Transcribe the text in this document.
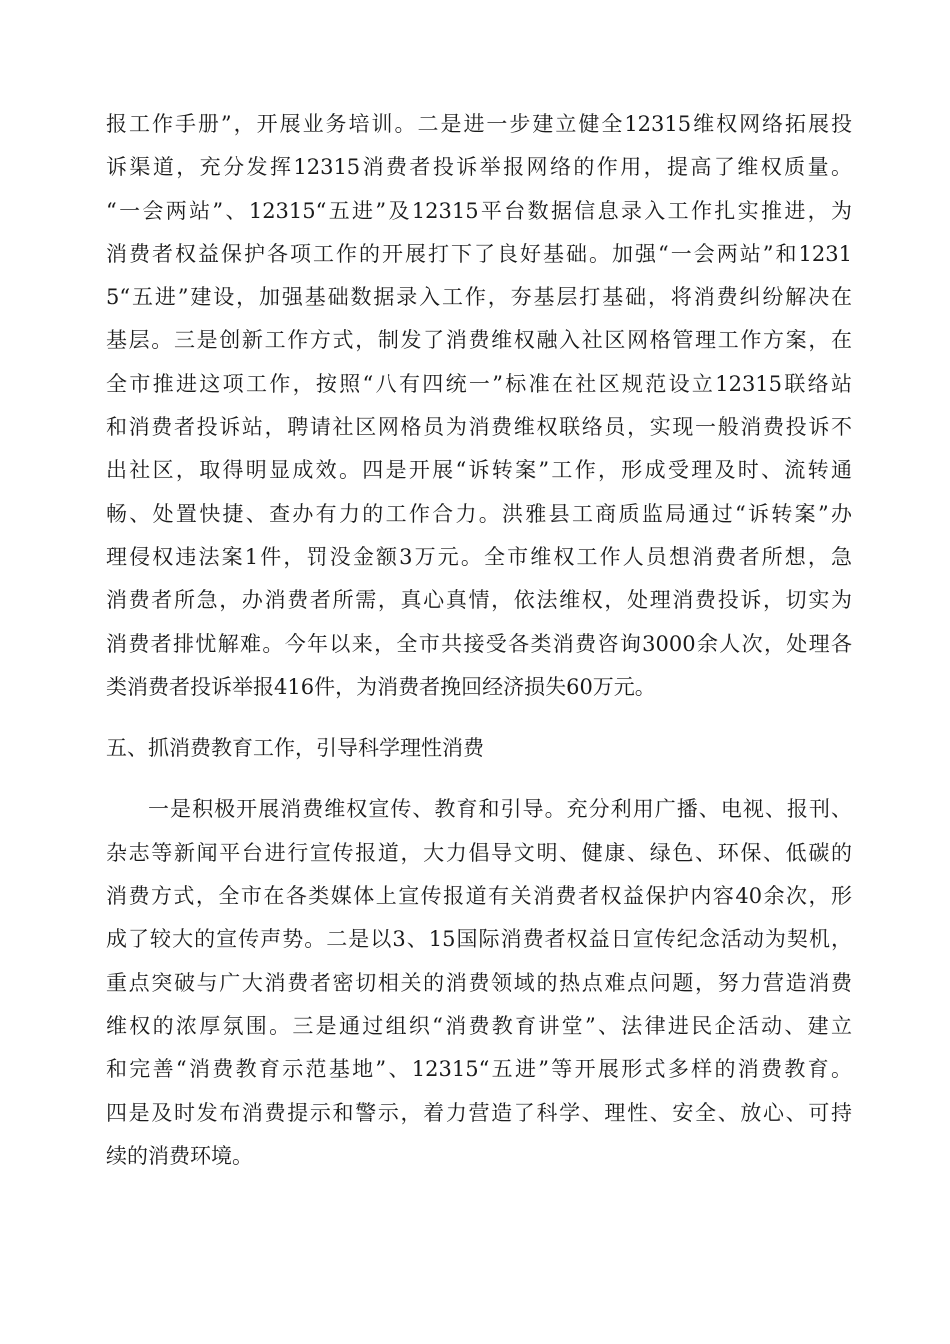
报工作手册”，开展业务培训。二是进一步建立健全12315维权网络拓展投
诉渠道，充分发挥12315消费者投诉举报网络的作用，提高了维权质量。
“一会两站”、12315“五进”及12315平台数据信息录入工作扎实推进，为
消费者权益保护各项工作的开展打下了良好基础。加强“一会两站”和1231
5“五进”建设，加强基础数据录入工作，夯基层打基础，将消费纠纷解决在
基层。三是创新工作方式，制发了消费维权融入社区网格管理工作方案，在
全市推进这项工作，按照“八有四统一”标准在社区规范设立12315联络站
和消费者投诉站，聘请社区网格员为消费维权联络员，实现一般消费投诉不
出社区，取得明显成效。四是开展“诉转案”工作，形成受理及时、流转通
畅、处置快捷、查办有力的工作合力。洪雅县工商质监局通过“诉转案”办
理侵权违法案1件，罚没金额3万元。全市维权工作人员想消费者所想，急
消费者所急，办消费者所需，真心真情，依法维权，处理消费投诉，切实为
消费者排忧解难。今年以来，全市共接受各类消费咨询3000余人次，处理各
类消费者投诉举报416件，为消费者挽回经济损失60万元。
五、抓消费教育工作，引导科学理性消费
一是积极开展消费维权宣传、教育和引导。充分利用广播、电视、报刊、
杂志等新闻平台进行宣传报道，大力倡导文明、健康、绿色、环保、低碳的
消费方式，全市在各类媒体上宣传报道有关消费者权益保护内容40余次，形
成了较大的宣传声势。二是以3、15国际消费者权益日宣传纪念活动为契机，
重点突破与广大消费者密切相关的消费领域的热点难点问题，努力营造消费
维权的浓厚氛围。三是通过组织“消费教育讲堂”、法律进民企活动、建立
和完善“消费教育示范基地”、12315“五进”等开展形式多样的消费教育。
四是及时发布消费提示和警示，着力营造了科学、理性、安全、放心、可持
续的消费环境。
